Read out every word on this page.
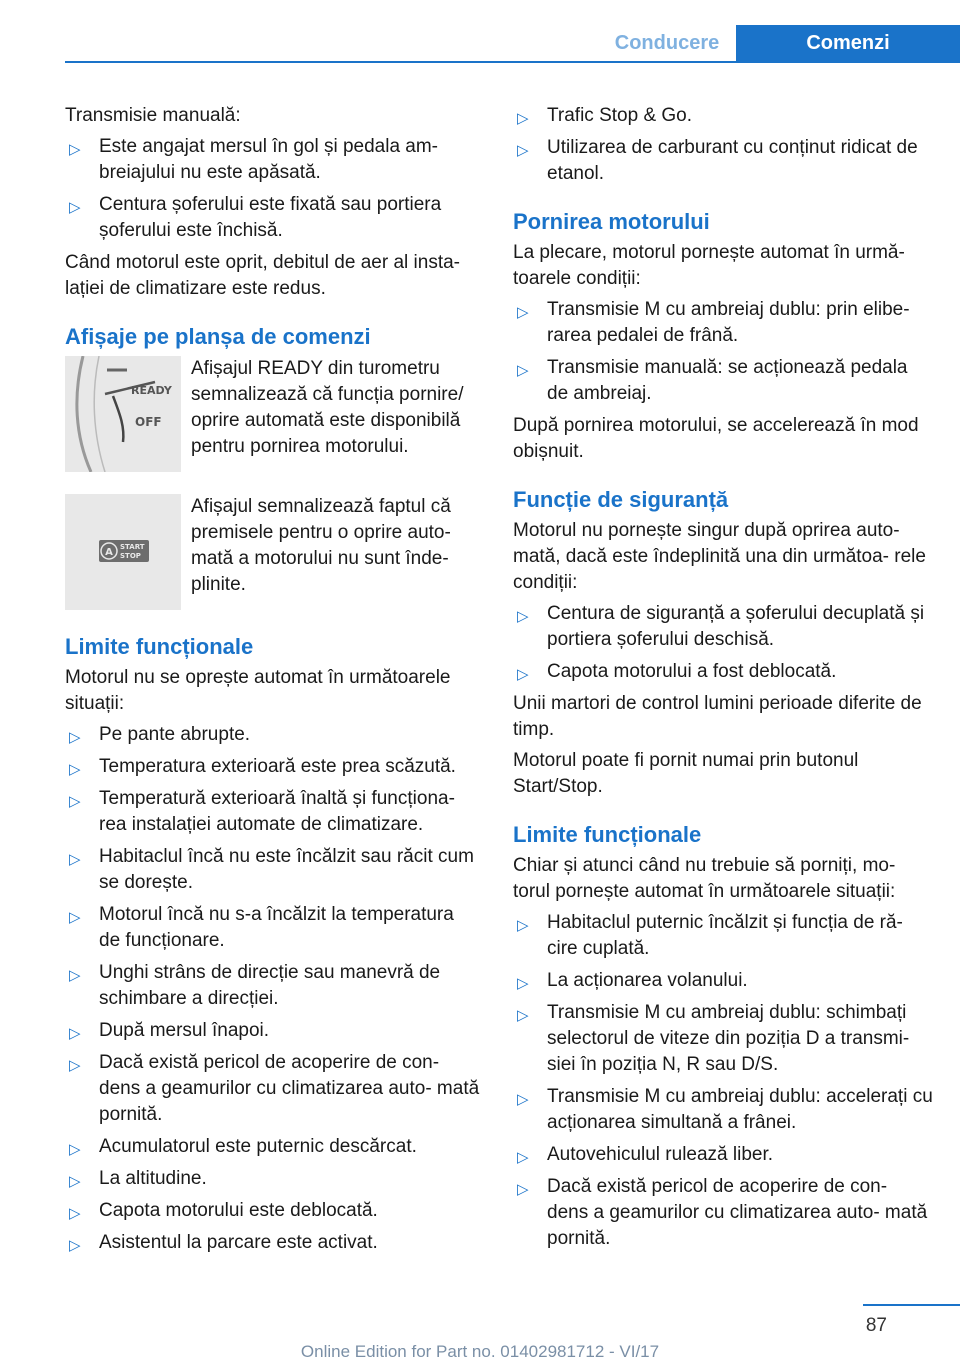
Conducere	Comenzi

Transmisie manuală:

▷ Este angajat mersul în gol și pedala am‐ breiajului nu este apăsată.
▷ Centura șoferului este fixată sau portiera șoferului este închisă.

Când motorul este oprit, debitul de aer al insta‐ lației de climatizare este redus.

Afișaje pe planșa de comenzi
READY
OFF
Afișajul READY din turometru semnalizează că funcția pornire/ oprire automată este disponibilă pentru pornirea motorului.
A START
STOP
Afișajul semnalizează faptul că premisele pentru o oprire auto‐ mată a motorului nu sunt înde‐ plinite.
Limite funcționale

Motorul nu se oprește automat în următoarele situații:

▷ Pe pante abrupte.
▷ Temperatura exterioară este prea scăzută.
▷ Temperatură exterioară înaltă și funcționa‐ rea instalației automate de climatizare.
▷ Habitaclul încă nu este încălzit sau răcit cum se dorește.
▷ Motorul încă nu s-a încălzit la temperatura de funcționare.
▷ Unghi strâns de direcție sau manevră de schimbare a direcției.
▷ După mersul înapoi.
▷ Dacă există pericol de acoperire de con‐ dens a geamurilor cu climatizarea auto‐ mată pornită.
▷ Acumulatorul este puternic descărcat.
▷ La altitudine.
▷ Capota motorului este deblocată.
▷ Asistentul la parcare este activat.
▷ Trafic Stop & Go.
▷ Utilizarea de carburant cu conținut ridicat de etanol.
Pornirea motorului

La plecare, motorul pornește automat în urmă‐ toarele condiții:

▷ Transmisie M cu ambreiaj dublu: prin elibe‐ rarea pedalei de frână.
▷ Transmisie manuală: se acționează pedala de ambreiaj.

După pornirea motorului, se accelerează în mod obișnuit.

Funcție de siguranță

Motorul nu pornește singur după oprirea auto‐ mată, dacă este îndeplinită una din următoa‐ rele condiții:

▷ Centura de siguranță a șoferului decuplată și portiera șoferului deschisă.
▷ Capota motorului a fost deblocată.

Unii martori de control lumini perioade diferite de timp.

Motorul poate fi pornit numai prin butonul Start/Stop.

Limite funcționale

Chiar și atunci când nu trebuie să porniți, mo‐ torul pornește automat în următoarele situații:

▷ Habitaclul puternic încălzit și funcția de ră‐ cire cuplată.
▷ La acționarea volanului.
▷ Transmisie M cu ambreiaj dublu: schimbați selectorul de viteze din poziția D a transmi‐ siei în poziția N, R sau D/S.
▷ Transmisie M cu ambreiaj dublu: accelerați cu acționarea simultană a frânei.
▷ Autovehiculul rulează liber.
▷ Dacă există pericol de acoperire de con‐ dens a geamurilor cu climatizarea auto‐ mată pornită.
87
Online Edition for Part no. 01402981712 - VI/17
